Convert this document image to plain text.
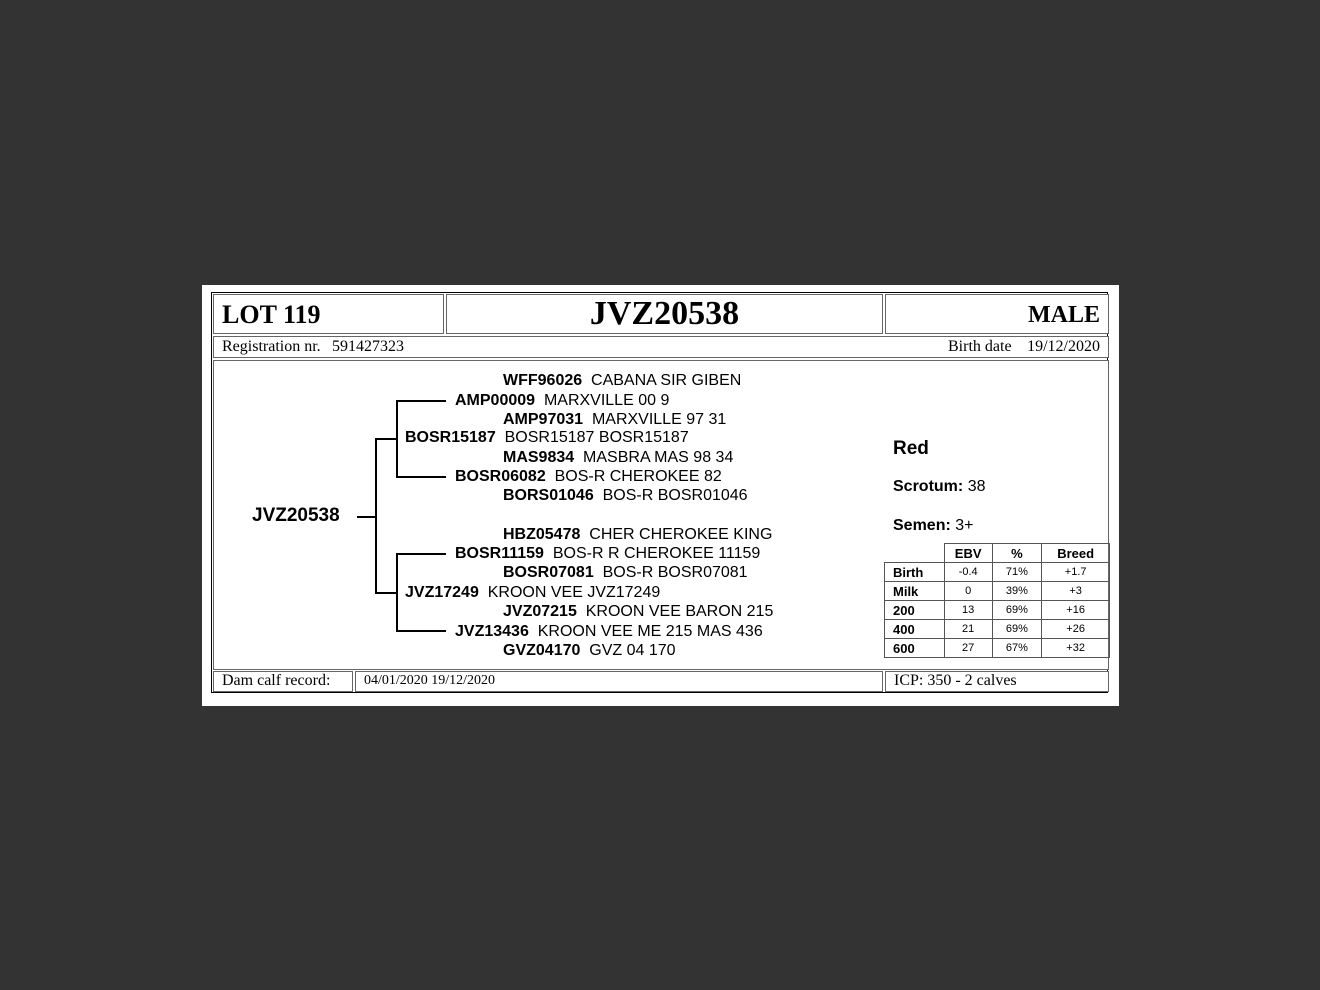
LOT 119	JVZ20538	MALE
Registration nr. 591427323	Birth date 19/12/2020
JVZ20538
WFF96026 CABANA SIR GIBEN
AMP00009 MARXVILLE 00 9
AMP97031 MARXVILLE 97 31
BOSR15187 BOSR15187 BOSR15187
MAS9834 MASBRA MAS 98 34
BOSR06082 BOS-R CHEROKEE 82
BORS01046 BOS-R BOSR01046
HBZ05478 CHER CHEROKEE KING
BOSR11159 BOS-R R CHEROKEE 11159
BOSR07081 BOS-R BOSR07081
JVZ17249 KROON VEE JVZ17249
JVZ07215 KROON VEE BARON 215
JVZ13436 KROON VEE ME 215 MAS 436
GVZ04170 GVZ 04 170
Red
Scrotum: 38
Semen: 3+
	EBV	%	Breed
Birth	-0.4	71%	+1.7
Milk	0	39%	+3
200	13	69%	+16
400	21	69%	+26
600	27	67%	+32
Dam calf record: 04/01/2020 19/12/2020	ICP: 350 - 2 calves
